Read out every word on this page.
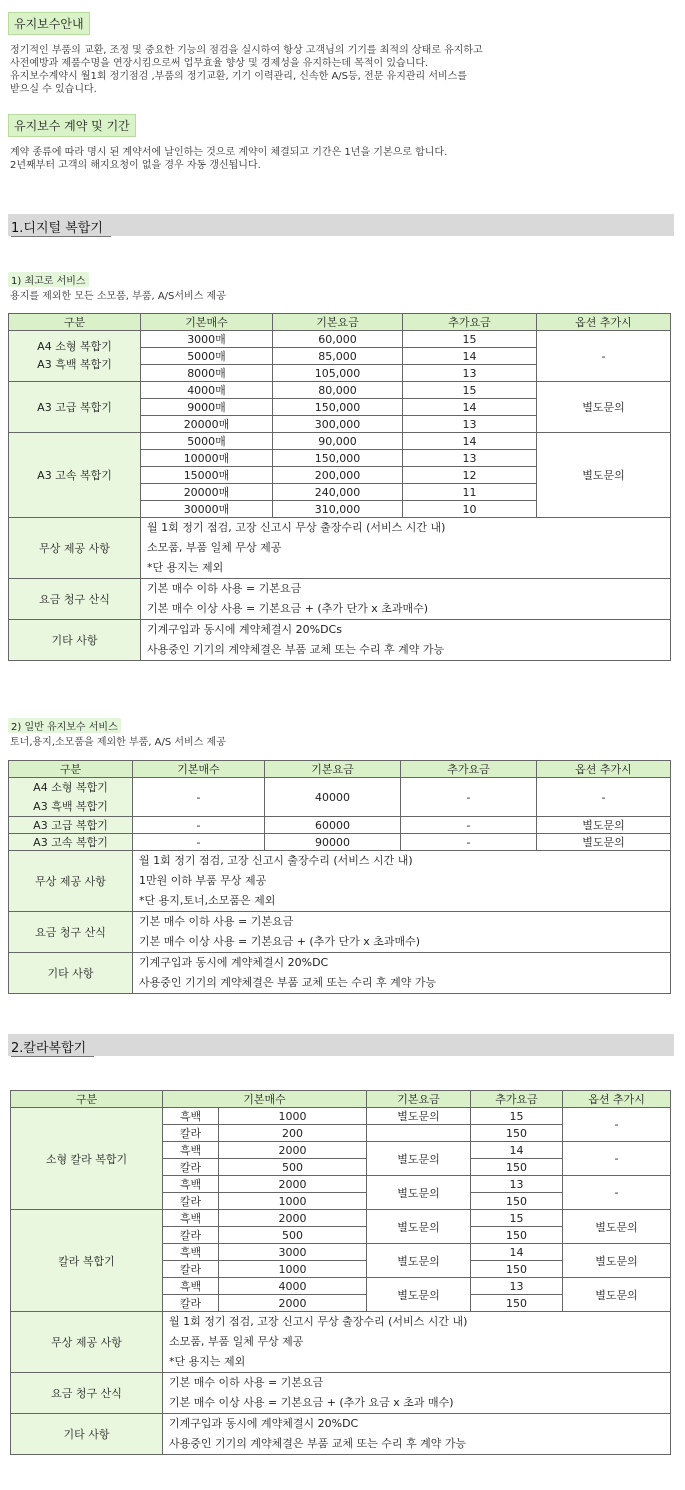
유지보수안내
정기적인 부품의 교환, 조정 및 중요한 기능의 점검을 실시하여 항상 고객님의 기기를 최적의 상태로 유지하고
사전예방과 제품수명을 연장시킴으로써 업무효율 향상 및 경제성을 유지하는데 목적이 있습니다.
유지보수계약시 월1회 정기점검 ,부품의 정기교환, 기기 이력관리, 신속한 A/S등, 전문 유지관리 서비스를
받으실 수 있습니다.
유지보수 계약 및 기간
계약 종류에 따라 명시 된 계약서에 날인하는 것으로 계약이 체결되고 기간은 1년을 기본으로 합니다.
2년째부터 고객의 해지요청이 없을 경우 자동 갱신됩니다.
1.디지털 복합기
1) 최고로 서비스
용지를 제외한 모든 소모품, 부품, A/S서비스 제공
구분	기본매수	기본요금	추가요금	옵션 추가시

A4 소형 복합기
A3 흑백 복합기	3000매	60,000	15	-
	5000매	85,000	14	
	8000매	105,000	13	
A3 고급 복합기	4000매	80,000	15	별도문의
	9000매	150,000	14	
	20000매	300,000	13	
A3 고속 복합기	5000매	90,000	14	별도문의
	10000매	150,000	13	
	15000매	200,000	12	
	20000매	240,000	11	
	30000매	310,000	10	
무상 제공 사항	월 1회 정기 점검, 고장 신고시 무상 출장수리 (서비스 시간 내)
소모품, 부품 일체 무상 제공
*단 용지는 제외			

요금 청구 산식	기본 매수 이하 사용 = 기본요금
기본 매수 이상 사용 = 기본요금 + (추가 단가 x 초과매수)			

기타 사항	기계구입과 동시에 계약체결시 20%DCs
사용중인 기기의 계약체결은 부품 교체 또는 수리 후 계약 가능			
2) 일반 유지보수 서비스
토너,용지,소모품을 제외한 부품, A/S 서비스 제공
구분	기본매수	기본요금	추가요금	옵션 추가시

A4 소형 복합기
A3 흑백 복합기	-	40000	-	-
A3 고급 복합기	-	60000	-	별도문의
A3 고속 복합기	-	90000	-	별도문의
무상 제공 사항	월 1회 정기 점검, 고장 신고시 출장수리 (서비스 시간 내)
1만원 이하 부품 무상 제공
*단 용지,토너,소모품은 제외			

요금 청구 산식	기본 매수 이하 사용 = 기본요금
기본 매수 이상 사용 = 기본요금 + (추가 단가 x 초과매수)			

기타 사항	기계구입과 동시에 계약체결시 20%DC
사용중인 기기의 계약체결은 부품 교체 또는 수리 후 계약 가능			
2.칼라복합기
구분	기본매수		기본요금	추가요금	옵션 추가시
소형 칼라 복합기	흑백	1000	별도문의	15	-
	칼라	200		150	
	흑백	2000	별도문의	14	-
	칼라	500		150	
	흑백	2000	별도문의	13	-
	칼라	1000		150	
칼라 복합기	흑백	2000	별도문의	15	별도문의
	칼라	500		150	
	흑백	3000	별도문의	14	별도문의
	칼라	1000		150	
	흑백	4000	별도문의	13	별도문의
	칼라	2000		150	
무상 제공 사항	월 1회 정기 점검, 고장 신고시 무상 출장수리 (서비스 시간 내)
소모품, 부품 일체 무상 제공
*단 용지는 제외				

요금 청구 산식	기본 매수 이하 사용 = 기본요금
기본 매수 이상 사용 = 기본요금 + (추가 요금 x 초과 매수)				

기타 사항	기계구입과 동시에 계약체결시 20%DC
사용중인 기기의 계약체결은 부품 교체 또는 수리 후 계약 가능				
